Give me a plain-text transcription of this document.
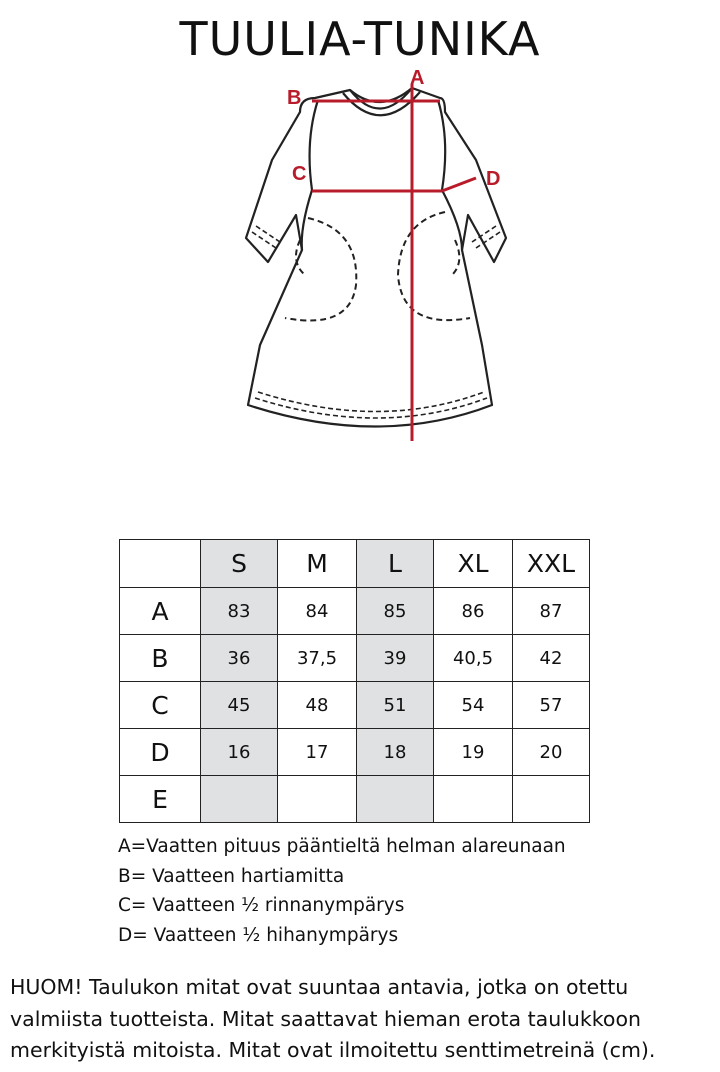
TUULIA-TUNIKA
A
B
C	D
	S	M	L	XL	XXL
A	83	84	85	86	87
B	36	37,5	39	40,5	42
C	45	48	51	54	57
D	16	17	18	19	20
E					
A=Vaatten pituus pääntieltä helman alareunaan
B= Vaatteen hartiamitta
C= Vaatteen ½ rinnanympärys
D= Vaatteen ½ hihanympärys
HUOM! Taulukon mitat ovat suuntaa antavia, jotka on otettu valmiista tuotteista. Mitat saattavat hieman erota taulukkoon merkityistä mitoista. Mitat ovat ilmoitettu senttimetreinä (cm).
